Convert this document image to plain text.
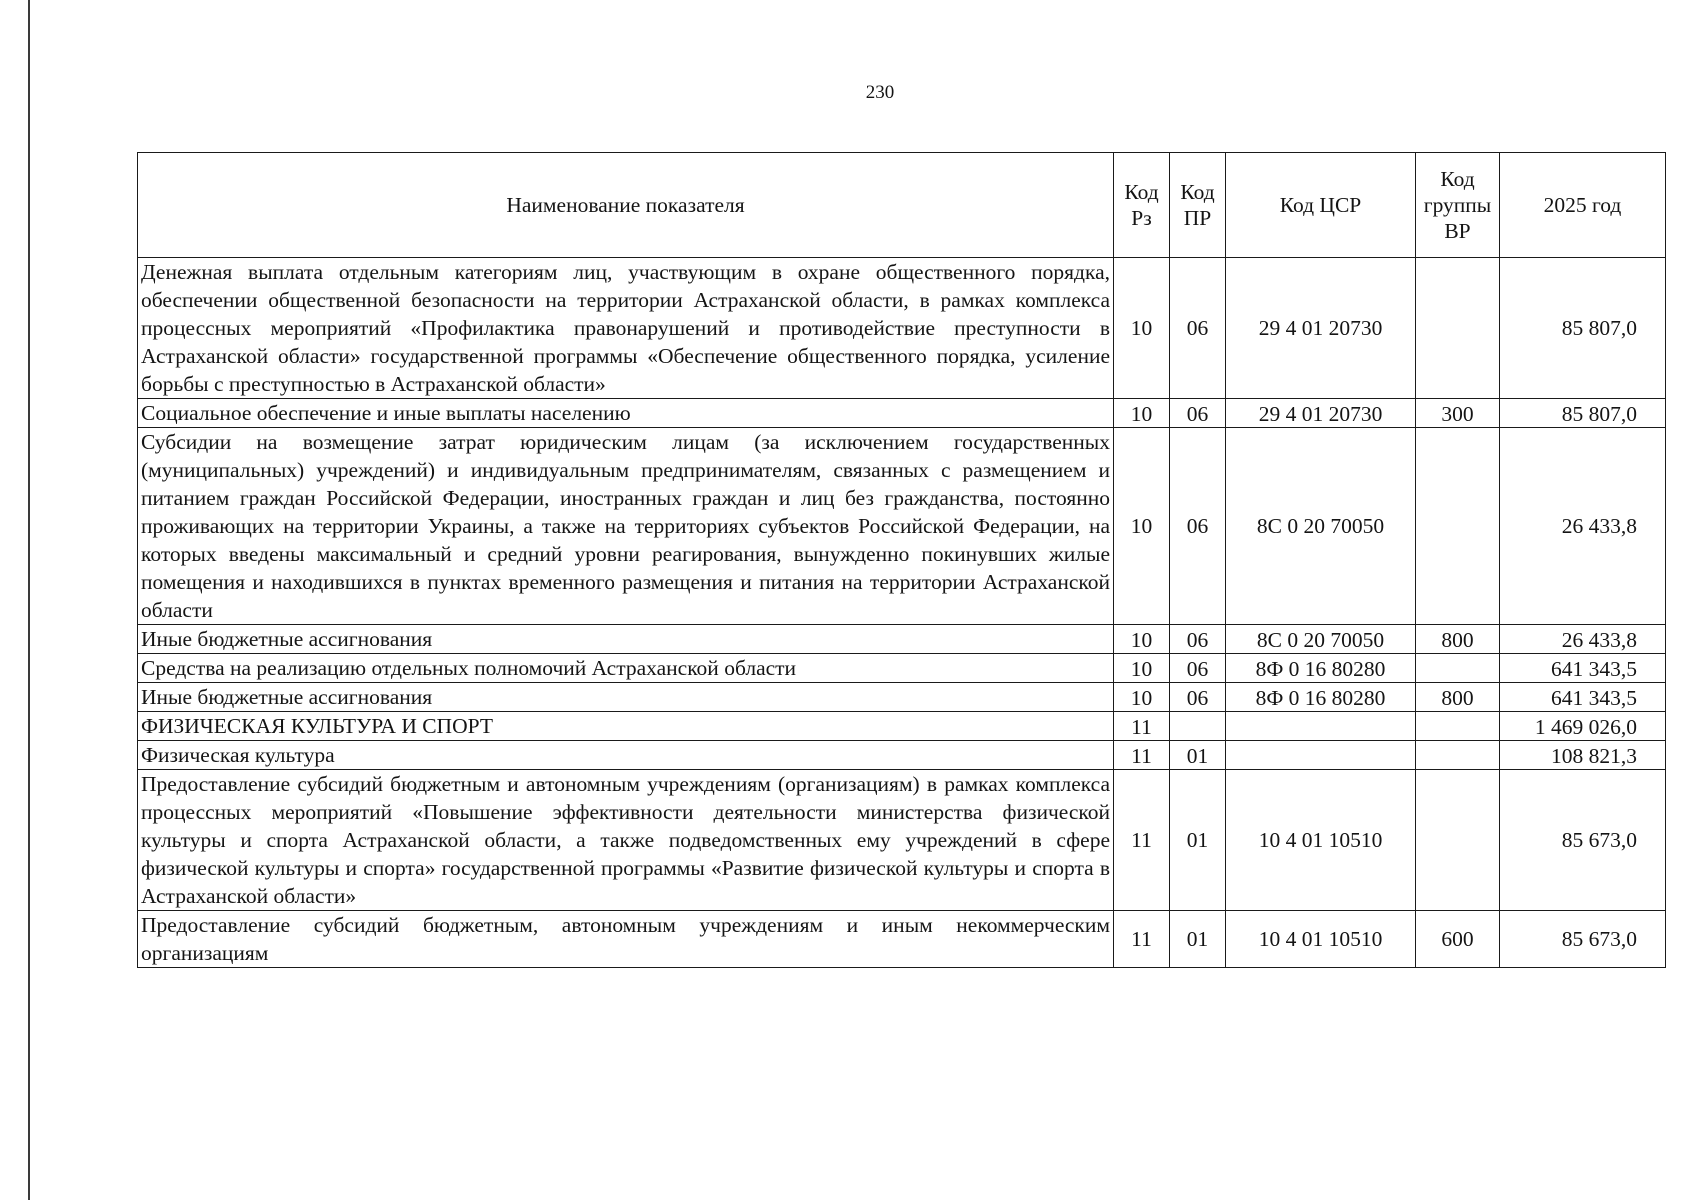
230
Наименование показателя	Код Рз	Код ПР	Код ЦСР	Код группы ВР	2025 год
Денежная выплата отдельным категориям лиц, участвующим в охране общественного порядка, обеспечении общественной безопасности на территории Астраханской области, в рамках комплекса процессных мероприятий «Профилактика правонарушений и противодействие преступности в Астраханской области» государственной программы «Обеспечение общественного порядка, усиление борьбы с преступностью в Астраханской области»	10	06	29 4 01 20730		85 807,0
Социальное обеспечение и иные выплаты населению	10	06	29 4 01 20730	300	85 807,0
Субсидии на возмещение затрат юридическим лицам (за исключением государственных (муниципальных) учреждений) и индивидуальным предпринимателям, связанных с размещением и питанием граждан Российской Федерации, иностранных граждан и лиц без гражданства, постоянно проживающих на территории Украины, а также на территориях субъектов Российской Федерации, на которых введены максимальный и средний уровни реагирования, вынужденно покинувших жилые помещения и находившихся в пунктах временного размещения и питания на территории Астраханской области	10	06	8С 0 20 70050		26 433,8
Иные бюджетные ассигнования	10	06	8С 0 20 70050	800	26 433,8
Средства на реализацию отдельных полномочий Астраханской области	10	06	8Ф 0 16 80280		641 343,5
Иные бюджетные ассигнования	10	06	8Ф 0 16 80280	800	641 343,5
ФИЗИЧЕСКАЯ КУЛЬТУРА И СПОРТ	11				1 469 026,0
Физическая культура	11	01			108 821,3
Предоставление субсидий бюджетным и автономным учреждениям (организациям) в рамках комплекса процессных мероприятий «Повышение эффективности деятельности министерства физической культуры и спорта Астраханской области, а также подведомственных ему учреждений в сфере физической культуры и спорта» государственной программы «Развитие физической культуры и спорта в Астраханской области»	11	01	10 4 01 10510		85 673,0
Предоставление субсидий бюджетным, автономным учреждениям и иным некоммерческим организациям	11	01	10 4 01 10510	600	85 673,0
